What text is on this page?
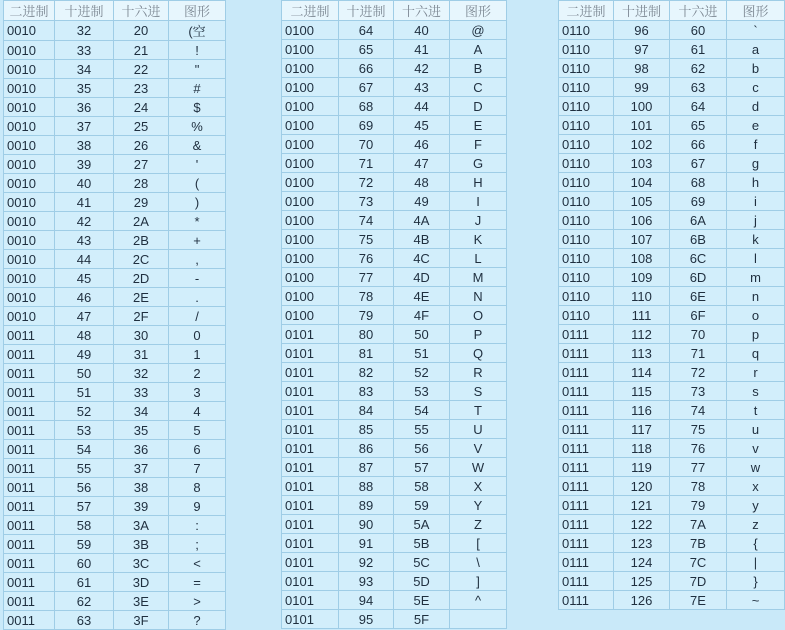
二进制	十进制	十六进	图形
0010	32	20	(空
0010	33	21	!
0010	34	22	"
0010	35	23	#
0010	36	24	$
0010	37	25	%
0010	38	26	&
0010	39	27	'
0010	40	28	(
0010	41	29	)
0010	42	2A	*
0010	43	2B	+
0010	44	2C	,
0010	45	2D	-
0010	46	2E	.
0010	47	2F	/
0011	48	30	0
0011	49	31	1
0011	50	32	2
0011	51	33	3
0011	52	34	4
0011	53	35	5
0011	54	36	6
0011	55	37	7
0011	56	38	8
0011	57	39	9
0011	58	3A	:
0011	59	3B	;
0011	60	3C	<
0011	61	3D	=
0011	62	3E	>
0011	63	3F	?
二进制	十进制	十六进	图形
0100	64	40	@
0100	65	41	A
0100	66	42	B
0100	67	43	C
0100	68	44	D
0100	69	45	E
0100	70	46	F
0100	71	47	G
0100	72	48	H
0100	73	49	I
0100	74	4A	J
0100	75	4B	K
0100	76	4C	L
0100	77	4D	M
0100	78	4E	N
0100	79	4F	O
0101	80	50	P
0101	81	51	Q
0101	82	52	R
0101	83	53	S
0101	84	54	T
0101	85	55	U
0101	86	56	V
0101	87	57	W
0101	88	58	X
0101	89	59	Y
0101	90	5A	Z
0101	91	5B	[
0101	92	5C	\
0101	93	5D	]
0101	94	5E	^
0101	95	5F	
二进制	十进制	十六进	图形
0110	96	60	`
0110	97	61	a
0110	98	62	b
0110	99	63	c
0110	100	64	d
0110	101	65	e
0110	102	66	f
0110	103	67	g
0110	104	68	h
0110	105	69	i
0110	106	6A	j
0110	107	6B	k
0110	108	6C	l
0110	109	6D	m
0110	110	6E	n
0110	111	6F	o
0111	112	70	p
0111	113	71	q
0111	114	72	r
0111	115	73	s
0111	116	74	t
0111	117	75	u
0111	118	76	v
0111	119	77	w
0111	120	78	x
0111	121	79	y
0111	122	7A	z
0111	123	7B	{
0111	124	7C	|
0111	125	7D	}
0111	126	7E	~
